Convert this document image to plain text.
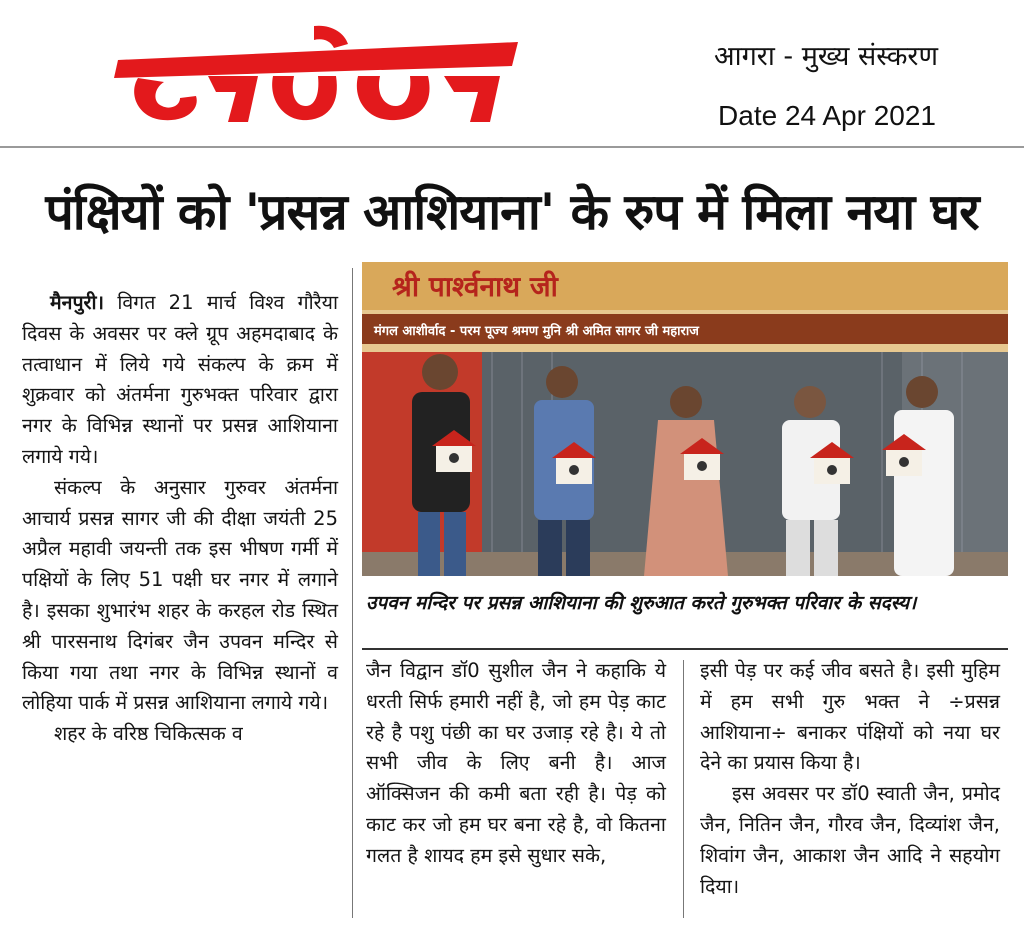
आगरा - मुख्य संस्करण
Date 24 Apr 2021
पंक्षियों को 'प्रसन्न आशियाना' के रुप में मिला नया घर

मैनपुरी। विगत 21 मार्च विश्व गौरैया दिवस के अवसर पर क्ले ग्रूप अहमदाबाद के तत्वाधान में लिये गये संकल्प के क्रम में शुक्रवार को अंतर्मना गुरुभक्त परिवार द्वारा नगर के विभिन्न स्थानों पर प्रसन्न आशियाना लगाये गये।

संकल्प के अनुसार गुरुवर अंतर्मना आचार्य प्रसन्न सागर जी की दीक्षा जयंती 25 अप्रैल महावी जयन्ती तक इस भीषण गर्मी में पक्षियों के लिए 51 पक्षी घर नगर में लगाने है। इसका शुभारंभ शहर के करहल रोड स्थित श्री पारसनाथ दिगंबर जैन उपवन मन्दिर से किया गया तथा नगर के विभिन्न स्थानों व लोहिया पार्क में प्रसन्न आशियाना लगाये गये।

शहर के वरिष्ठ चिकित्सक व

श्री पार्श्वनाथ जी
मंगल आशीर्वाद - परम पूज्य श्रमण मुनि श्री अमित सागर जी महाराज
उपवन मन्दिर पर प्रसन्न आशियाना की शुरुआत करते गुरुभक्त परिवार के सदस्य।

जैन विद्वान डॉ0 सुशील जैन ने कहाकि ये धरती सिर्फ हमारी नहीं है, जो हम पेड़ काट रहे है पशु पंछी का घर उजाड़ रहे है। ये तो सभी जीव के लिए बनी है। आज ऑक्सिजन की कमी बता रही है। पेड़ को काट कर जो हम घर बना रहे है, वो कितना गलत है शायद हम इसे सुधार सके,

इसी पेड़ पर कई जीव बसते है। इसी मुहिम में हम सभी गुरु भक्त ने ÷प्रसन्न आशियाना÷ बनाकर पंक्षियों को नया घर देने का प्रयास किया है।

इस अवसर पर डॉ0 स्वाती जैन, प्रमोद जैन, नितिन जैन, गौरव जैन, दिव्यांश जैन, शिवांग जैन, आकाश जैन आदि ने सहयोग दिया।
